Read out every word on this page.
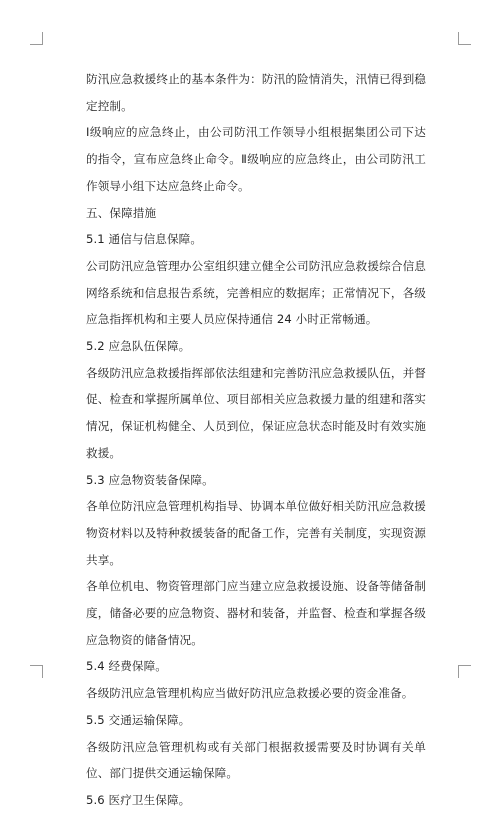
防汛应急救援终止的基本条件为：防汛的险情消失，汛情已得到稳定控制。

Ⅰ级响应的应急终止，由公司防汛工作领导小组根据集团公司下达的指令，宣布应急终止命令。Ⅱ级响应的应急终止，由公司防汛工作领导小组下达应急终止命令。

五、保障措施

5.1 通信与信息保障。

公司防汛应急管理办公室组织建立健全公司防汛应急救援综合信息网络系统和信息报告系统，完善相应的数据库；正常情况下，各级应急指挥机构和主要人员应保持通信 24 小时正常畅通。

5.2 应急队伍保障。

各级防汛应急救援指挥部依法组建和完善防汛应急救援队伍，并督促、检查和掌握所属单位、项目部相关应急救援力量的组建和落实情况，保证机构健全、人员到位，保证应急状态时能及时有效实施救援。

5.3 应急物资装备保障。

各单位防汛应急管理机构指导、协调本单位做好相关防汛应急救援物资材料以及特种救援装备的配备工作，完善有关制度，实现资源共享。

各单位机电、物资管理部门应当建立应急救援设施、设备等储备制度，储备必要的应急物资、器材和装备，并监督、检查和掌握各级应急物资的储备情况。

5.4 经费保障。

各级防汛应急管理机构应当做好防汛应急救援必要的资金准备。

5.5 交通运输保障。

各级防汛应急管理机构或有关部门根据救援需要及时协调有关单位、部门提供交通运输保障。

5.6 医疗卫生保障。
